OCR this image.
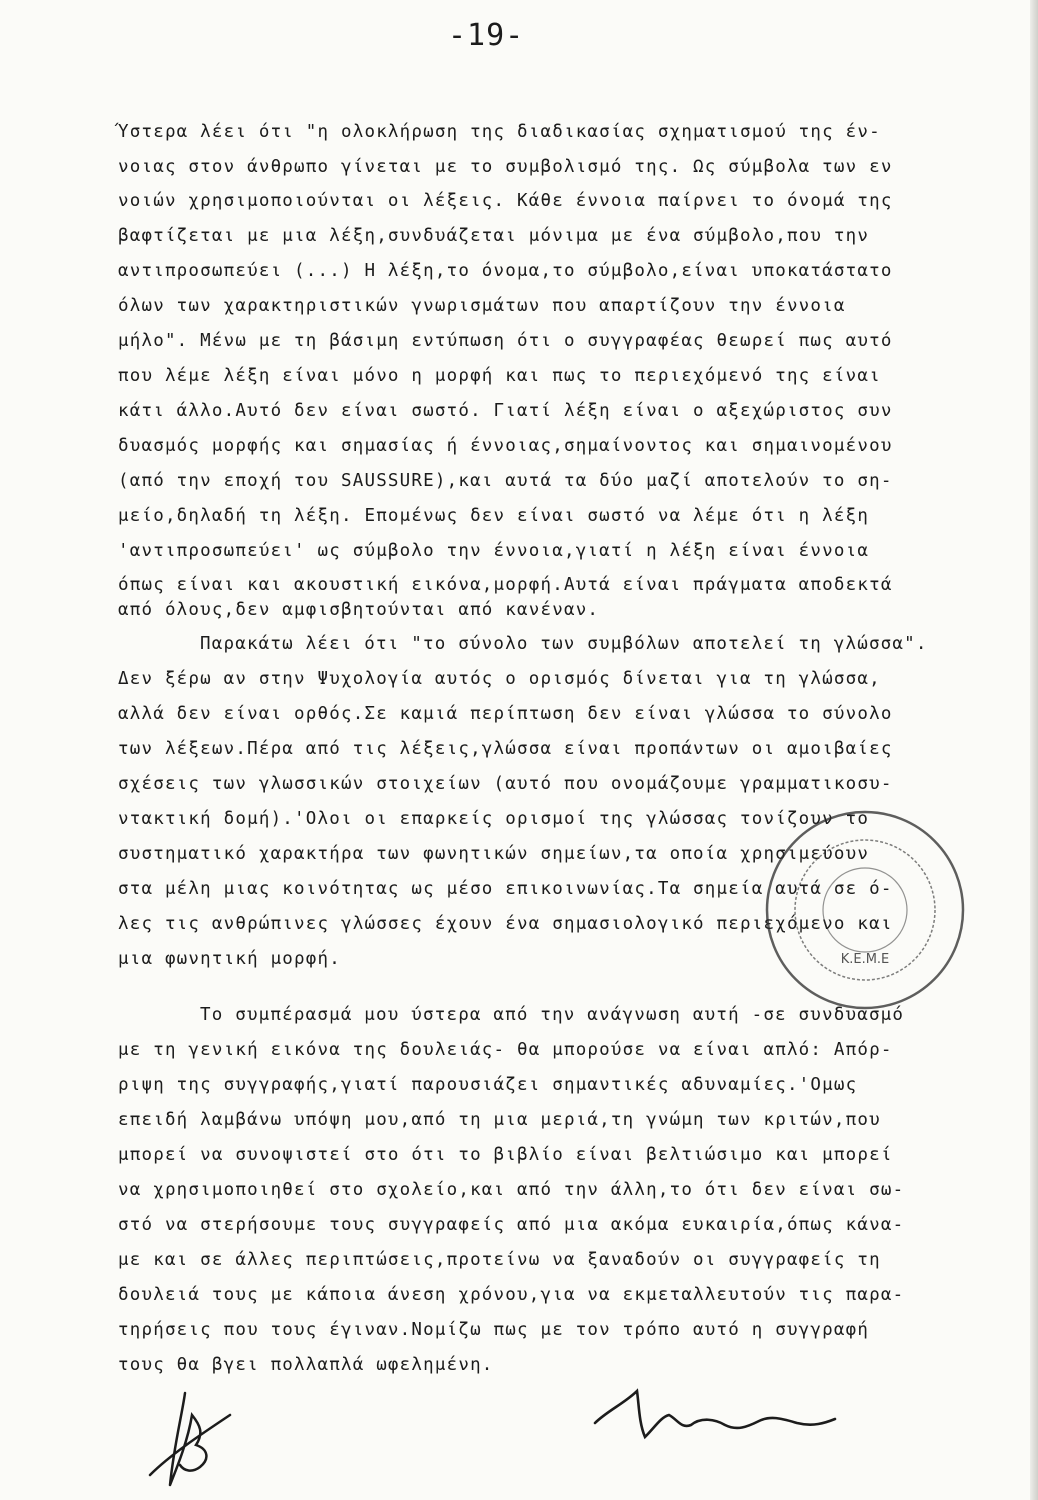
-19-
Ύστερα λέει ότι "η ολοκλήρωση της διαδικασίας σχηματισμού της έν-
νοιας στον άνθρωπο γίνεται με το συμβολισμό της. Ως σύμβολα των εν
νοιών χρησιμοποιούνται οι λέξεις. Κάθε έννοια παίρνει το όνομά της
βαφτίζεται με μια λέξη,συνδυάζεται μόνιμα με ένα σύμβολο,που την
αντιπροσωπεύει (...) Η λέξη,το όνομα,το σύμβολο,είναι υποκατάστατο
όλων των χαρακτηριστικών γνωρισμάτων που απαρτίζουν την έννοια
μήλο". Μένω με τη βάσιμη εντύπωση ότι ο συγγραφέας θεωρεί πως αυτό
που λέμε λέξη είναι μόνο η μορφή και πως το περιεχόμενό της είναι
κάτι άλλο.Αυτό δεν είναι σωστό. Γιατί λέξη είναι ο αξεχώριστος συν
δυασμός μορφής και σημασίας ή έννοιας,σημαίνοντος και σημαινομένου
(από την εποχή του SAUSSURE),και αυτά τα δύο μαζί αποτελούν το ση-
μείο,δηλαδή τη λέξη. Επομένως δεν είναι σωστό να λέμε ότι η λέξη
'αντιπροσωπεύει' ως σύμβολο την έννοια,γιατί η λέξη είναι έννοια
όπως είναι και ακουστική εικόνα,μορφή.Αυτά είναι πράγματα αποδεκτά
από όλους,δεν αμφισβητούνται από κανέναν.
Παρακάτω λέει ότι "το σύνολο των συμβόλων αποτελεί τη γλώσσα".
Δεν ξέρω αν στην Ψυχολογία αυτός ο ορισμός δίνεται για τη γλώσσα,
αλλά δεν είναι ορθός.Σε καμιά περίπτωση δεν είναι γλώσσα το σύνολο
των λέξεων.Πέρα από τις λέξεις,γλώσσα είναι προπάντων οι αμοιβαίες
σχέσεις των γλωσσικών στοιχείων (αυτό που ονομάζουμε γραμματικοσυ-
ντακτική δομή).'Ολοι οι επαρκείς ορισμοί της γλώσσας τονίζουν το
συστηματικό χαρακτήρα των φωνητικών σημείων,τα οποία χρησιμεύουν
στα μέλη μιας κοινότητας ως μέσο επικοινωνίας.Τα σημεία αυτά σε ό-
λες τις ανθρώπινες γλώσσες έχουν ένα σημασιολογικό περιεχόμενο και
μια φωνητική μορφή.
Το συμπέρασμά μου ύστερα από την ανάγνωση αυτή -σε συνδυασμό
με τη γενική εικόνα της δουλειάς- θα μπορούσε να είναι απλό: Απόρ-
ριψη της συγγραφής,γιατί παρουσιάζει σημαντικές αδυναμίες.'Ομως
επειδή λαμβάνω υπόψη μου,από τη μια μεριά,τη γνώμη των κριτών,που
μπορεί να συνοψιστεί στο ότι το βιβλίο είναι βελτιώσιμο και μπορεί
να χρησιμοποιηθεί στο σχολείο,και από την άλλη,το ότι δεν είναι σω-
στό να στερήσουμε τους συγγραφείς από μια ακόμα ευκαιρία,όπως κάνα-
με και σε άλλες περιπτώσεις,προτείνω να ξαναδούν οι συγγραφείς τη
δουλειά τους με κάποια άνεση χρόνου,για να εκμεταλλευτούν τις παρα-
τηρήσεις που τους έγιναν.Νομίζω πως με τον τρόπο αυτό η συγγραφή
τους θα βγει πολλαπλά ωφελημένη.
K.E.M.E
